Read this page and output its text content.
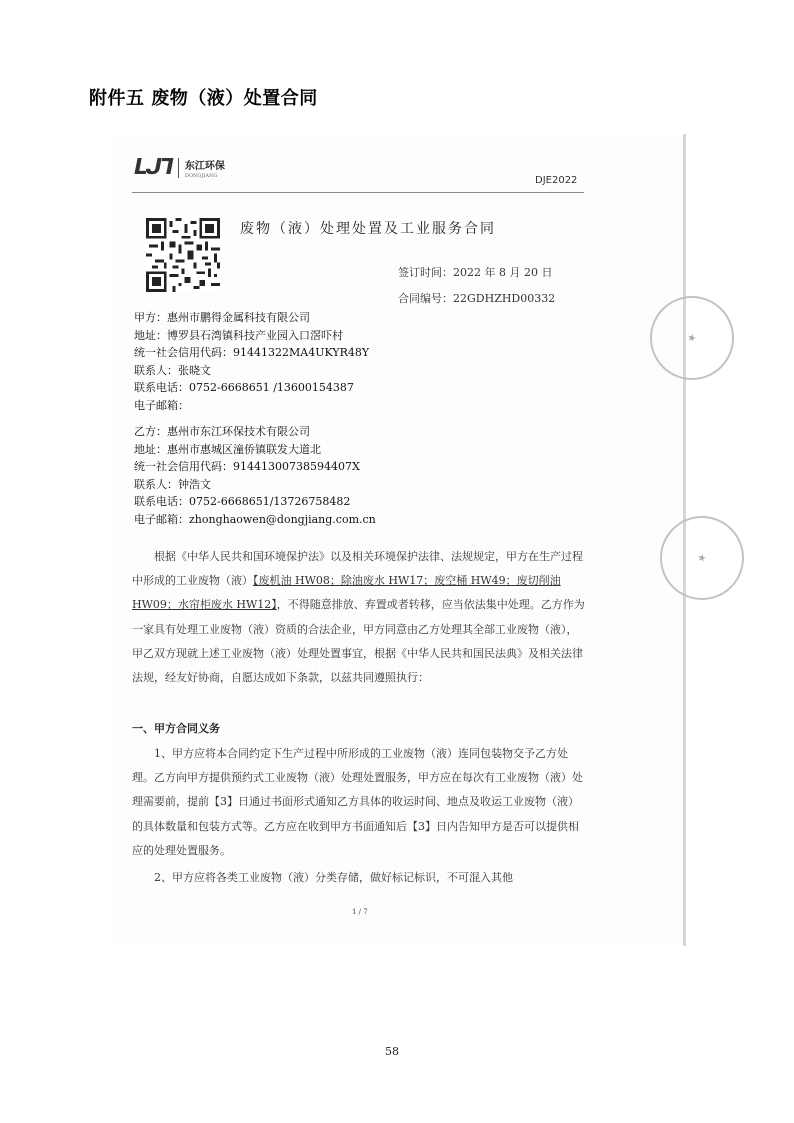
附件五 废物（液）处置合同
ᒪᒍᒣ 东江环保
DONGJIANG	DJE2022
废物（液）处理处置及工业服务合同
签订时间：2022 年 8 月 20 日
合同编号：22GDHZHD00332
甲方：惠州市鹏得金属科技有限公司
地址：博罗县石湾镇科技产业园入口滘吓村
统一社会信用代码：91441322MA4UKYR48Y
联系人：张晓文
联系电话：0752-6668651 /13600154387
电子邮箱：
乙方：惠州市东江环保技术有限公司
地址：惠州市惠城区潼侨镇联发大道北
统一社会信用代码：91441300738594407X
联系人：钟浩文
联系电话：0752-6668651/13726758482
电子邮箱：zhonghaowen@dongjiang.com.cn
根据《中华人民共和国环境保护法》以及相关环境保护法律、法规规定，甲方在生产过程中形成的工业废物（液）【废机油 HW08；除油废水 HW17；废空桶 HW49；废切削油 HW09；水帘柜废水 HW12】，不得随意排放、弃置或者转移，应当依法集中处理。乙方作为一家具有处理工业废物（液）资质的合法企业，甲方同意由乙方处理其全部工业废物（液），甲乙双方现就上述工业废物（液）处理处置事宜，根据《中华人民共和国民法典》及相关法律法规，经友好协商，自愿达成如下条款，以兹共同遵照执行：
一、甲方合同义务
1、甲方应将本合同约定下生产过程中所形成的工业废物（液）连同包装物交予乙方处理。乙方向甲方提供预约式工业废物（液）处理处置服务，甲方应在每次有工业废物（液）处理需要前，提前【3】日通过书面形式通知乙方具体的收运时间、地点及收运工业废物（液）的具体数量和包装方式等。乙方应在收到甲方书面通知后【3】日内告知甲方是否可以提供相应的处理处置服务。
2、甲方应将各类工业废物（液）分类存储，做好标记标识，不可混入其他
1 / 7
★
★
58
